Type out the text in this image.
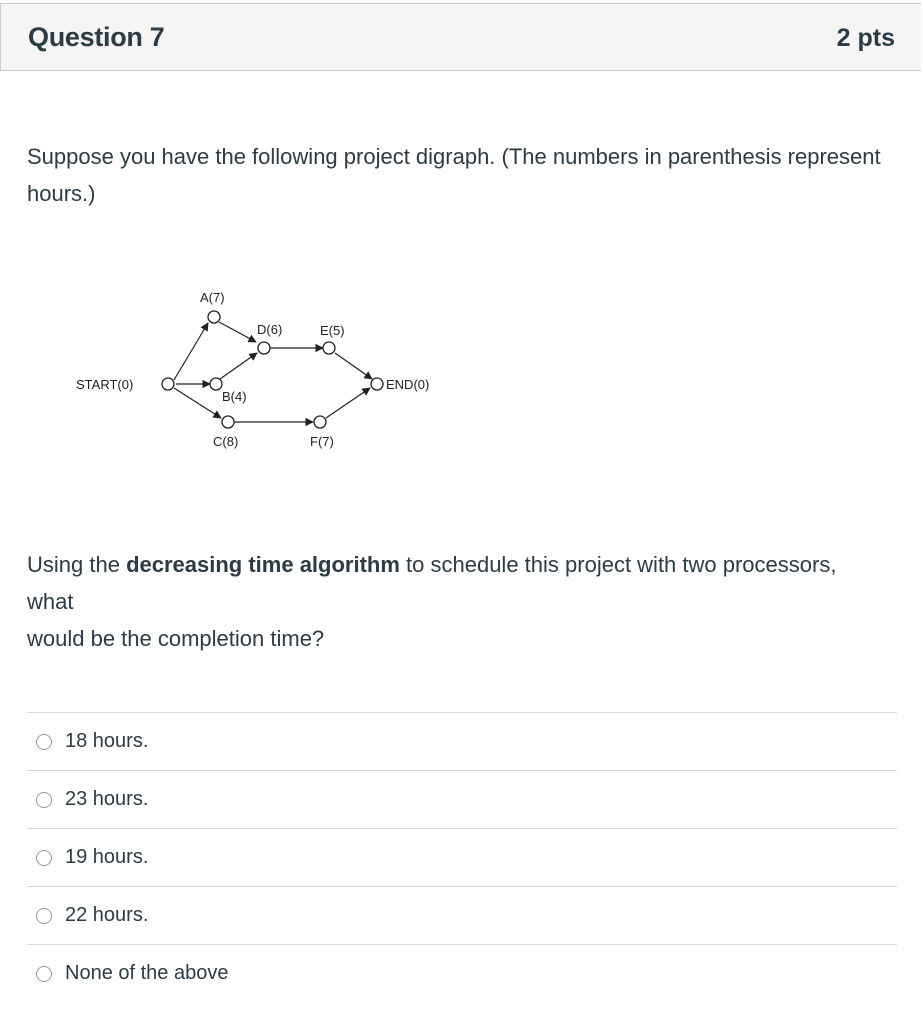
Question 7	2 pts
Suppose you have the following project digraph. (The numbers in parenthesis represent hours.)
START(0)
A(7)
B(4)
C(8)
D(6)	E(5)
F(7)
END(0)
Using the decreasing time algorithm to schedule this project with two processors, what
would be the completion time?
18 hours.
23 hours.
19 hours.
22 hours.
None of the above
